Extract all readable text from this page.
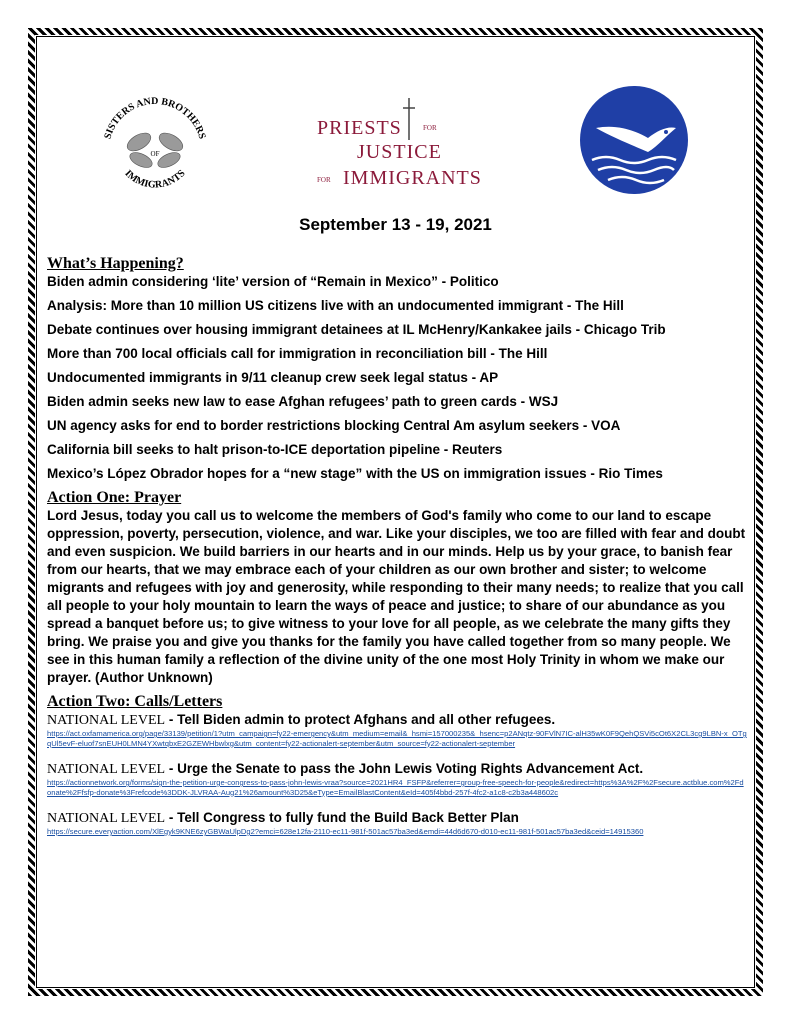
SISTERS AND BROTHERS
OF
IMMIGRANTS
PRIESTS	FOR
JUSTICE
FOR IMMIGRANTS
September 13 - 19, 2021

What’s Happening?

Biden admin considering ‘lite’ version of “Remain in Mexico” - Politico

Analysis: More than 10 million US citizens live with an undocumented immigrant - The Hill

Debate continues over housing immigrant detainees at IL McHenry/Kankakee jails - Chicago Trib

More than 700 local officials call for immigration in reconciliation bill - The Hill

Undocumented immigrants in 9/11 cleanup crew seek legal status - AP

Biden admin seeks new law to ease Afghan refugees’ path to green cards - WSJ

UN agency asks for end to border restrictions blocking Central Am asylum seekers - VOA

California bill seeks to halt prison-to-ICE deportation pipeline - Reuters

Mexico’s López Obrador hopes for a “new stage” with the US on immigration issues - Rio Times

Action One: Prayer

Lord Jesus, today you call us to welcome the members of God's family who come to our land to escape oppression, poverty, persecution, violence, and war. Like your disciples, we too are filled with fear and doubt and even suspicion. We build barriers in our hearts and in our minds. Help us by your grace, to banish fear from our hearts, that we may embrace each of your children as our own brother and sister; to welcome migrants and refugees with joy and generosity, while responding to their many needs; to realize that you call all people to your holy mountain to learn the ways of peace and justice; to share of our abundance as you spread a banquet before us; to give witness to your love for all people, as we celebrate the many gifts they bring. We praise you and give you thanks for the family you have called together from so many people. We see in this human family a reflection of the divine unity of the one most Holy Trinity in whom we make our prayer. (Author Unknown)

Action Two: Calls/Letters

NATIONAL LEVEL - Tell Biden admin to protect Afghans and all other refugees.

https://act.oxfamamerica.org/page/33139/petition/1?utm_campaign=fy22-emergency&utm_medium=email&_hsmi=157000235&_hsenc=p2ANqtz-90FVlN7IC-alH35wK0F9QehQSVi5cOt6X2CL3cg9LBN-x_OTgqUl5evF-eluof7snEUH0LMN4YXwtqbxE2GZEWHbwlxg&utm_content=fy22-actionalert-september&utm_source=fy22-actionalert-september

NATIONAL LEVEL - Urge the Senate to pass the John Lewis Voting Rights Advancement Act.

https://actionnetwork.org/forms/sign-the-petition-urge-congress-to-pass-john-lewis-vraa?source=2021HR4_FSFP&referrer=group-free-speech-for-people&redirect=https%3A%2F%2Fsecure.actblue.com%2Fdonate%2Ffsfp-donate%3Frefcode%3DDK-JLVRAA-Aug21%26amount%3D25&eType=EmailBlastContent&eId=405f4bbd-257f-4fc2-a1c8-c2b3a448602c

NATIONAL LEVEL - Tell Congress to fully fund the Build Back Better Plan

https://secure.everyaction.com/XlEgyk9KNE6zyGBWaUlpDg2?emci=628e12fa-2110-ec11-981f-501ac57ba3ed&emdi=44d6d670-d010-ec11-981f-501ac57ba3ed&ceid=14915360
